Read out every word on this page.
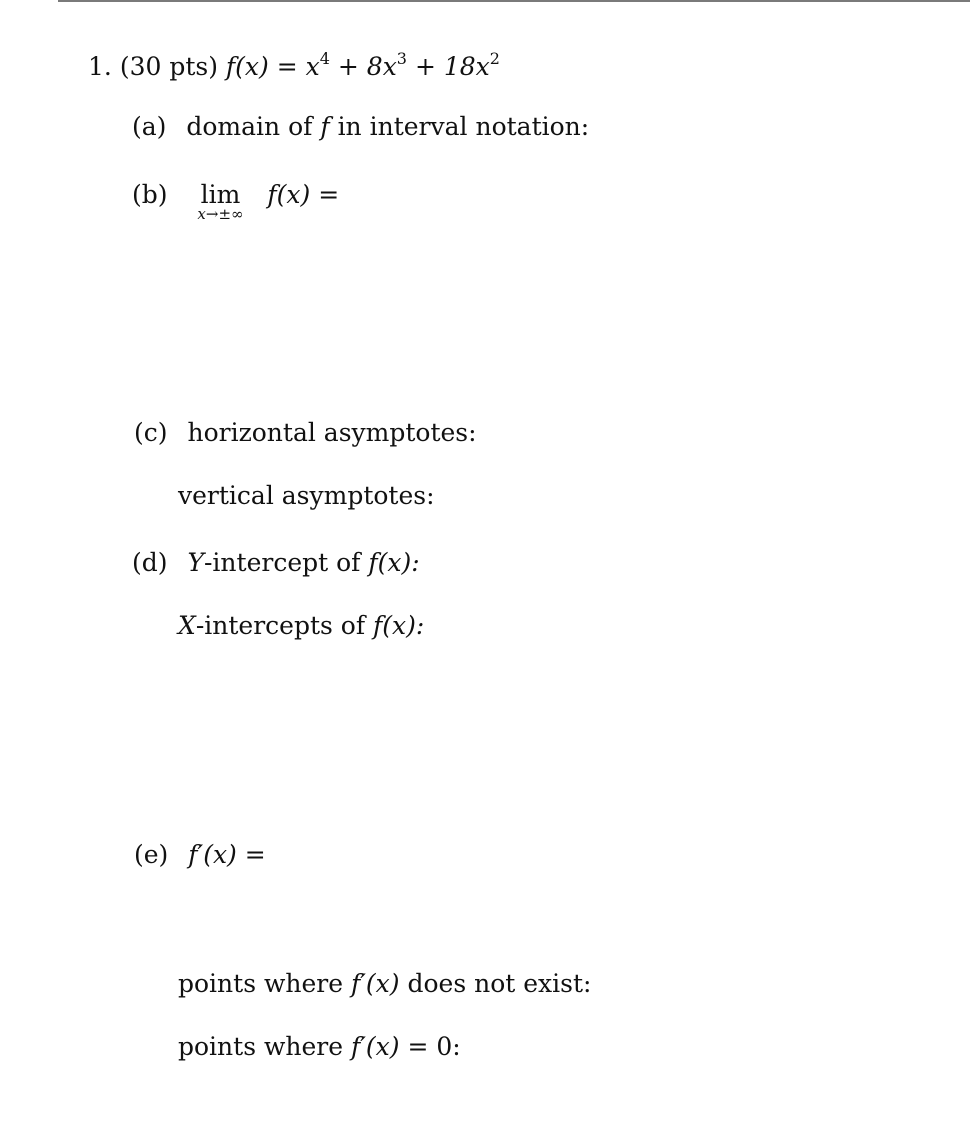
1. (30 pts) $f(x) = x^4 + 8x^3 + 18x^2$
(a) domain of f in interval notation:
(b) lim
x→±∞
f(x) =
(c) horizontal asymptotes:
vertical asymptotes:
(d) Y-intercept of f(x):
X-intercepts of f(x):
(e) f′(x) =
points where f′(x) does not exist:
points where f′(x) = 0:
